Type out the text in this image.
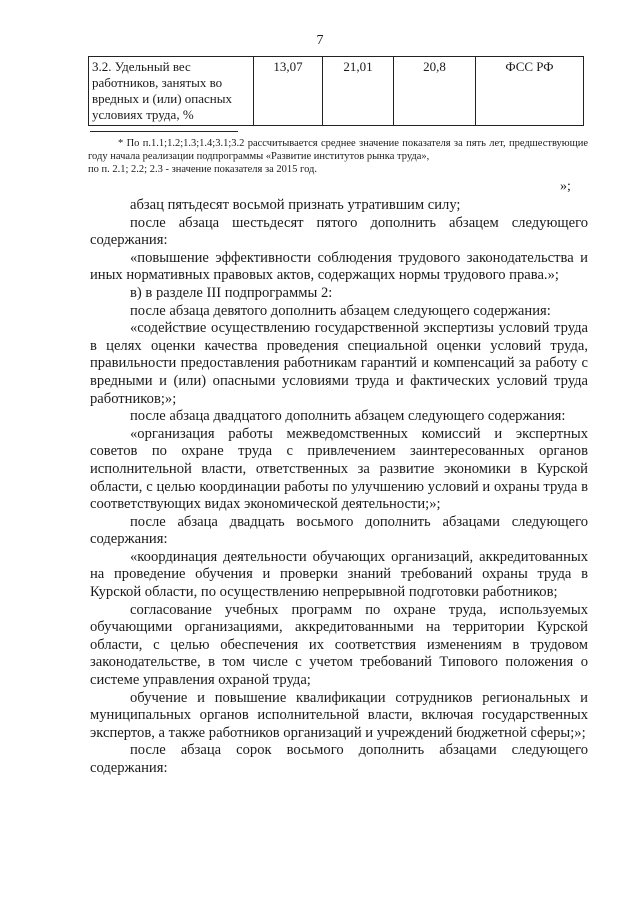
7
3.2. Удельный вес работников, занятых во вредных и (или) опасных условиях труда, %	13,07	21,01	20,8	ФСС РФ

* По п.1.1;1.2;1.3;1.4;3.1;3.2 рассчитывается среднее значение показателя за пять лет, предшествующие году начала реализации подпрограммы «Развитие институтов рынка труда»,

по п. 2.1; 2.2; 2.3 - значение показателя за 2015 год.

»;

абзац пятьдесят восьмой признать утратившим силу;

после абзаца шестьдесят пятого дополнить абзацем следующего содержания:

«повышение эффективности соблюдения трудового законодательства и иных нормативных правовых актов, содержащих нормы трудового права.»;

в) в разделе III подпрограммы 2:

после абзаца девятого дополнить абзацем следующего содержания:

«содействие осуществлению государственной экспертизы условий труда в целях оценки качества проведения специальной оценки условий труда, правильности предоставления работникам гарантий и компенсаций за работу с вредными и (или) опасными условиями труда и фактических условий труда работников;»;

после абзаца двадцатого дополнить абзацем следующего содержания:

«организация работы межведомственных комиссий и экспертных советов по охране труда с привлечением заинтересованных органов исполнительной власти, ответственных за развитие экономики в Курской области, с целью координации работы по улучшению условий и охраны труда в соответствующих видах экономической деятельности;»;

после абзаца двадцать восьмого дополнить абзацами следующего содержания:

«координация деятельности обучающих организаций, аккредитованных на проведение обучения и проверки знаний требований охраны труда в Курской области, по осуществлению непрерывной подготовки работников;

согласование учебных программ по охране труда, используемых обучающими организациями, аккредитованными на территории Курской области, с целью обеспечения их соответствия изменениям в трудовом законодательстве, в том числе с учетом требований Типового положения о системе управления охраной труда;

обучение и повышение квалификации сотрудников региональных и муниципальных органов исполнительной власти, включая государственных экспертов, а также работников организаций и учреждений бюджетной сферы;»;

после абзаца сорок восьмого дополнить абзацами следующего содержания:
